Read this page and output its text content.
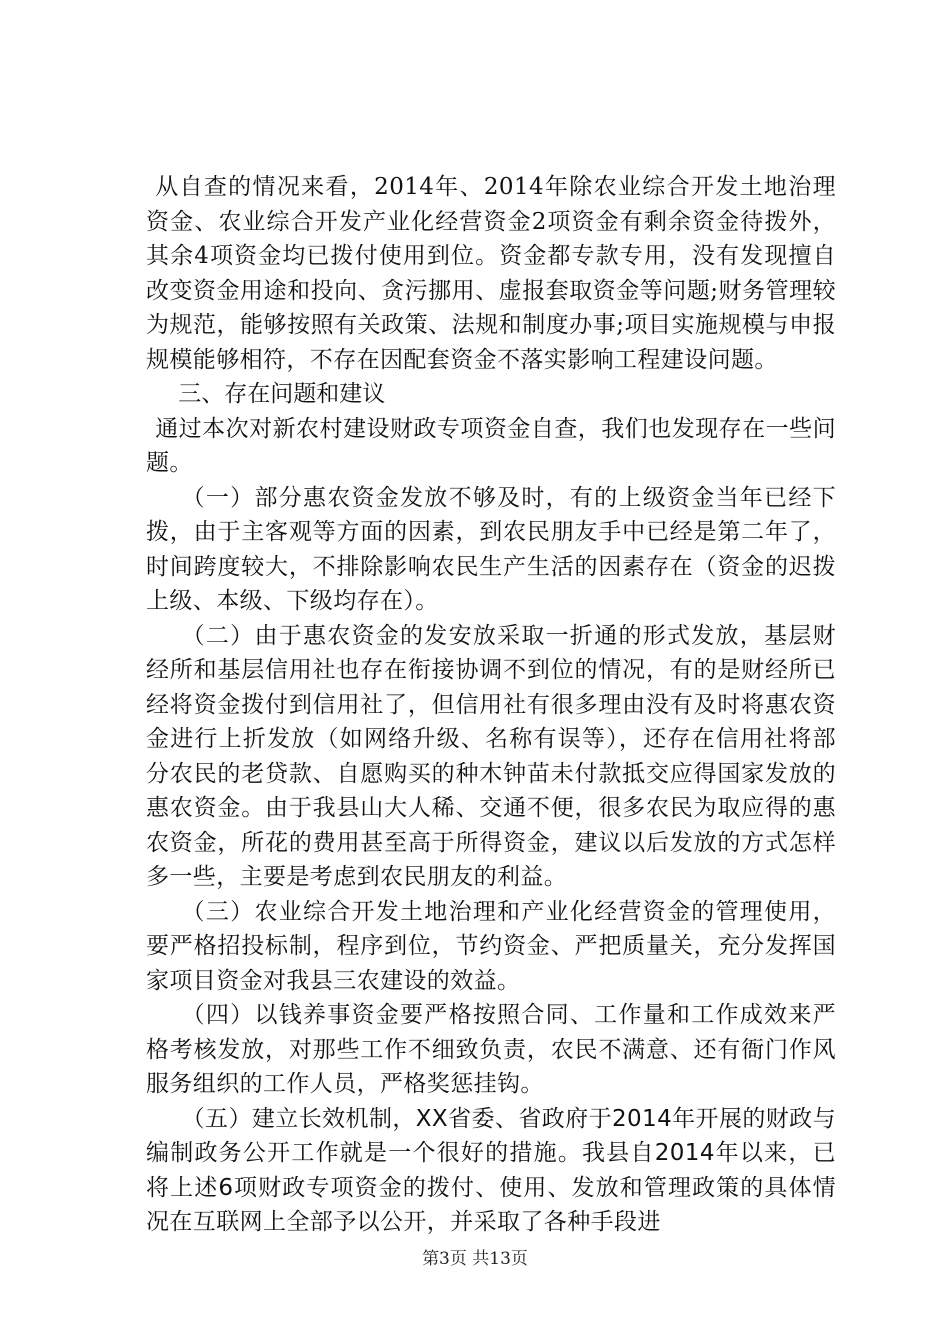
从自查的情况来看，2014年、2014年除农业综合开发土地治理资金、农业综合开发产业化经营资金2项资金有剩余资金待拨外，其余4项资金均已拨付使用到位。资金都专款专用，没有发现擅自改变资金用途和投向、贪污挪用、虚报套取资金等问题;财务管理较为规范，能够按照有关政策、法规和制度办事;项目实施规模与申报规模能够相符，不存在因配套资金不落实影响工程建设问题。

三、存在问题和建议

通过本次对新农村建设财政专项资金自查，我们也发现存在一些问题。

（一）部分惠农资金发放不够及时，有的上级资金当年已经下拨，由于主客观等方面的因素，到农民朋友手中已经是第二年了，时间跨度较大，不排除影响农民生产生活的因素存在（资金的迟拨上级、本级、下级均存在）。

（二）由于惠农资金的发安放采取一折通的形式发放，基层财经所和基层信用社也存在衔接协调不到位的情况，有的是财经所已经将资金拨付到信用社了，但信用社有很多理由没有及时将惠农资金进行上折发放（如网络升级、名称有误等），还存在信用社将部分农民的老贷款、自愿购买的种木钟苗未付款抵交应得国家发放的惠农资金。由于我县山大人稀、交通不便，很多农民为取应得的惠农资金，所花的费用甚至高于所得资金，建议以后发放的方式怎样多一些，主要是考虑到农民朋友的利益。

（三）农业综合开发土地治理和产业化经营资金的管理使用，要严格招投标制，程序到位，节约资金、严把质量关，充分发挥国家项目资金对我县三农建设的效益。

（四）以钱养事资金要严格按照合同、工作量和工作成效来严格考核发放，对那些工作不细致负责，农民不满意、还有衙门作风服务组织的工作人员，严格奖惩挂钩。

（五）建立长效机制，XX省委、省政府于2014年开展的财政与编制政务公开工作就是一个很好的措施。我县自2014年以来，已将上述6项财政专项资金的拨付、使用、发放和管理政策的具体情况在互联网上全部予以公开，并采取了各种手段进

第3页 共13页
